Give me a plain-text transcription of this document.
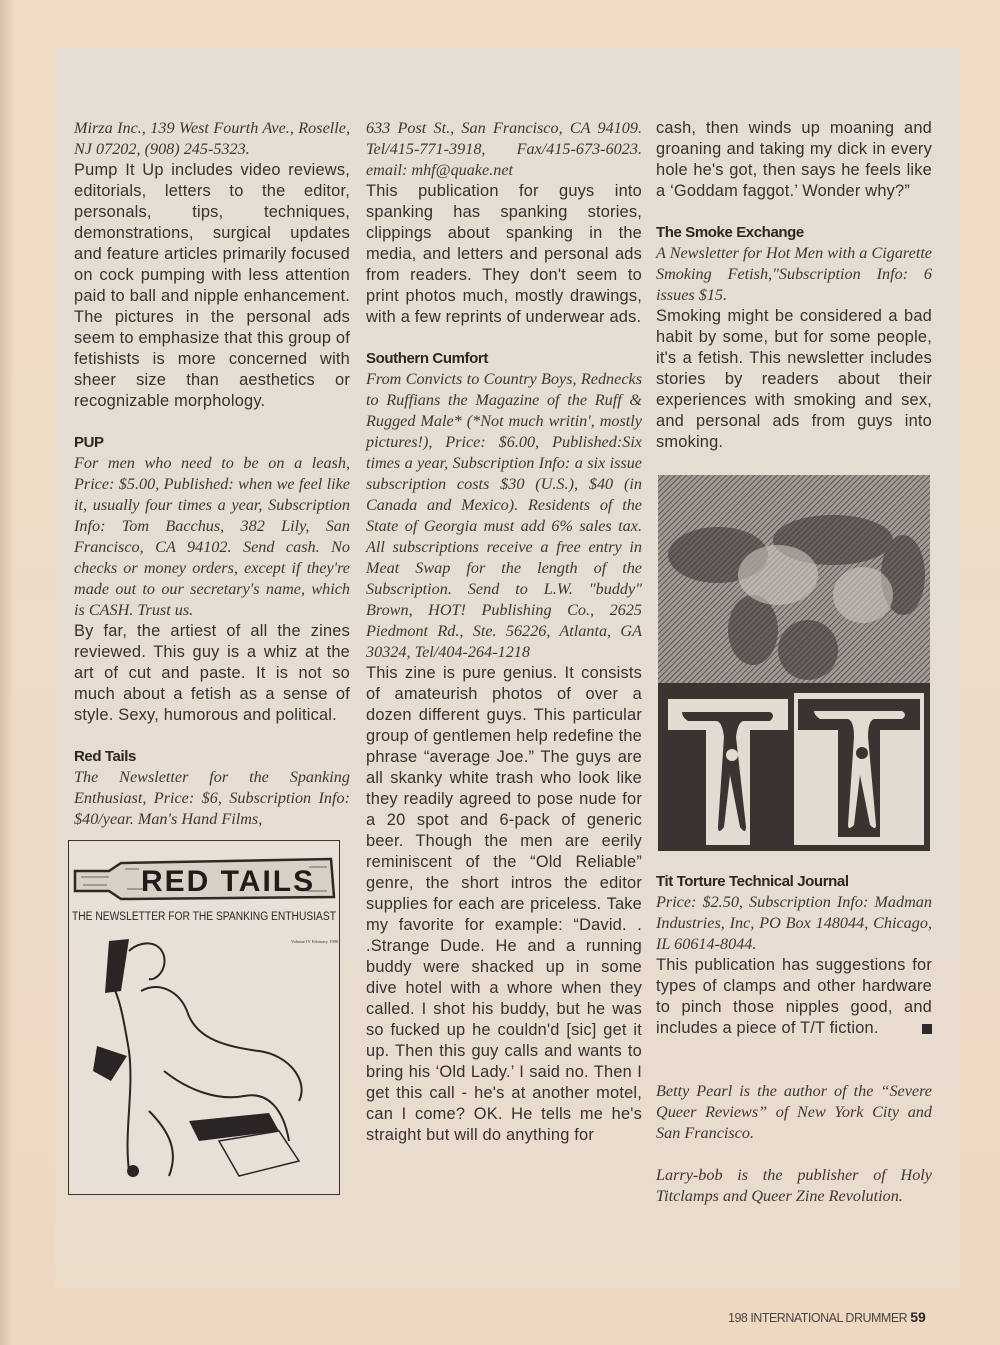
Mirza Inc., 139 West Fourth Ave., Roselle, NJ 07202, (908) 245-5323.

Pump It Up includes video reviews, editorials, letters to the editor, personals, tips, techniques, demonstrations, surgical updates and feature articles primarily focused on cock pumping with less attention paid to ball and nipple enhancement. The pictures in the personal ads seem to emphasize that this group of fetishists is more concerned with sheer size than aesthetics or recognizable morphology.

PUP

For men who need to be on a leash, Price: $5.00, Published: when we feel like it, usually four times a year, Subscription Info: Tom Bacchus, 382 Lily, San Francisco, CA 94102. Send cash. No checks or money orders, except if they're made out to our secretary's name, which is CASH. Trust us.

By far, the artiest of all the zines reviewed. This guy is a whiz at the art of cut and paste. It is not so much about a fetish as a sense of style. Sexy, humorous and political.

Red Tails

The Newsletter for the Spanking Enthusiast, Price: $6, Subscription Info: $40/year. Man's Hand Films,

RED TAILS
THE NEWSLETTER FOR THE SPANKING ENTHUSIAST
Volume IV February 1998

633 Post St., San Francisco, CA 94109. Tel/415-771-3918, Fax/415-673-6023. email: mhf@quake.net

This publication for guys into spanking has spanking stories, clippings about spanking in the media, and letters and personal ads from readers. They don't seem to print photos much, mostly drawings, with a few reprints of underwear ads.

Southern Cumfort

From Convicts to Country Boys, Rednecks to Ruffians the Magazine of the Ruff & Rugged Male* (*Not much writin', mostly pictures!), Price: $6.00, Published:Six times a year, Subscription Info: a six issue subscription costs $30 (U.S.), $40 (in Canada and Mexico). Residents of the State of Georgia must add 6% sales tax. All subscriptions receive a free entry in Meat Swap for the length of the Subscription. Send to L.W. "buddy" Brown, HOT! Publishing Co., 2625 Piedmont Rd., Ste. 56226, Atlanta, GA 30324, Tel/404-264-1218

This zine is pure genius. It consists of amateurish photos of over a dozen different guys. This particular group of gentlemen help redefine the phrase “average Joe.” The guys are all skanky white trash who look like they readily agreed to pose nude for a 20 spot and 6-pack of generic beer. Though the men are eerily reminiscent of the “Old Reliable” genre, the short intros the editor supplies for each are priceless. Take my favorite for example: “David. . .Strange Dude. He and a running buddy were shacked up in some dive hotel with a whore when they called. I shot his buddy, but he was so fucked up he couldn'd [sic] get it up. Then this guy calls and wants to bring his ‘Old Lady.’ I said no. Then I get this call - he's at another motel, can I come? OK. He tells me he's straight but will do anything for

cash, then winds up moaning and groaning and taking my dick in every hole he's got, then says he feels like a ‘Goddam faggot.’ Wonder why?”

The Smoke Exchange

A Newsletter for Hot Men with a Cigarette Smoking Fetish,"Subscription Info: 6 issues $15.

Smoking might be considered a bad habit by some, but for some people, it's a fetish. This newsletter includes stories by readers about their experiences with smoking and sex, and personal ads from guys into smoking.

Tit Torture Technical Journal

Price: $2.50, Subscription Info: Madman Industries, Inc, PO Box 148044, Chicago, IL 60614-8044.

This publication has suggestions for types of clamps and other hardware to pinch those nipples good, and includes a piece of T/T fiction.

Betty Pearl is the author of the “Severe Queer Reviews” of New York City and San Francisco.

Larry-bob is the publisher of Holy Titclamps and Queer Zine Revolution.

198 INTERNATIONAL DRUMMER 59
